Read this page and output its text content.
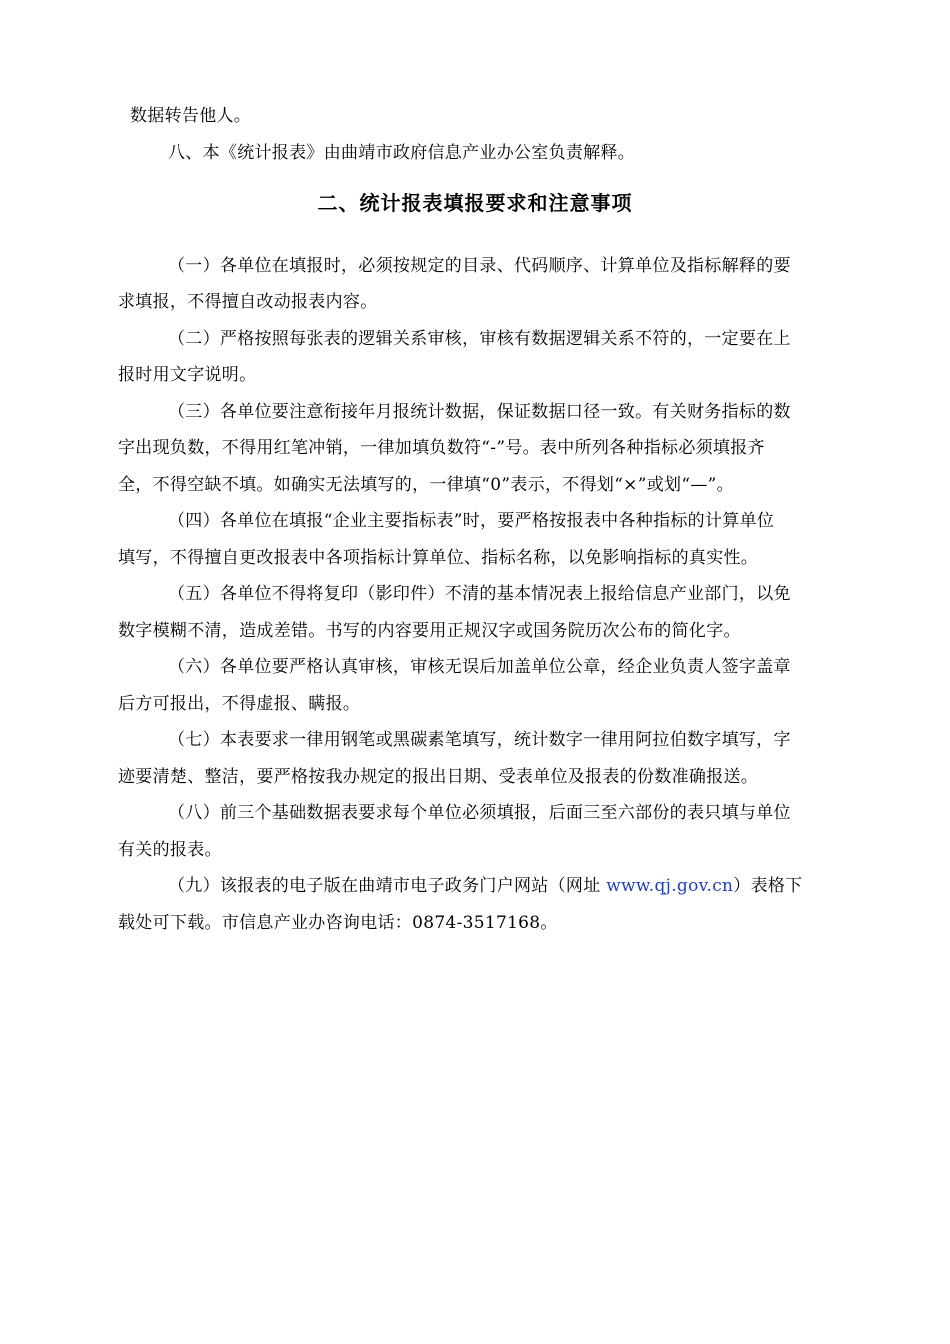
数据转告他人。
八、本《统计报表》由曲靖市政府信息产业办公室负责解释。
二、统计报表填报要求和注意事项
（一）各单位在填报时，必须按规定的目录、代码顺序、计算单位及指标解释的要
求填报，不得擅自改动报表内容。
（二）严格按照每张表的逻辑关系审核，审核有数据逻辑关系不符的，一定要在上
报时用文字说明。
（三）各单位要注意衔接年月报统计数据，保证数据口径一致。有关财务指标的数
字出现负数，不得用红笔冲销，一律加填负数符“-”号。表中所列各种指标必须填报齐
全，不得空缺不填。如确实无法填写的，一律填“0”表示，不得划“×”或划“—”。
（四）各单位在填报“企业主要指标表”时，要严格按报表中各种指标的计算单位
填写，不得擅自更改报表中各项指标计算单位、指标名称，以免影响指标的真实性。
（五）各单位不得将复印（影印件）不清的基本情况表上报给信息产业部门，以免
数字模糊不清，造成差错。书写的内容要用正规汉字或国务院历次公布的简化字。
（六）各单位要严格认真审核，审核无误后加盖单位公章，经企业负责人签字盖章
后方可报出，不得虚报、瞒报。
（七）本表要求一律用钢笔或黑碳素笔填写，统计数字一律用阿拉伯数字填写，字
迹要清楚、整洁，要严格按我办规定的报出日期、受表单位及报表的份数准确报送。
（八）前三个基础数据表要求每个单位必须填报，后面三至六部份的表只填与单位
有关的报表。
（九）该报表的电子版在曲靖市电子政务门户网站（网址 www.qj.gov.cn）表格下
载处可下载。市信息产业办咨询电话：0874-3517168。
